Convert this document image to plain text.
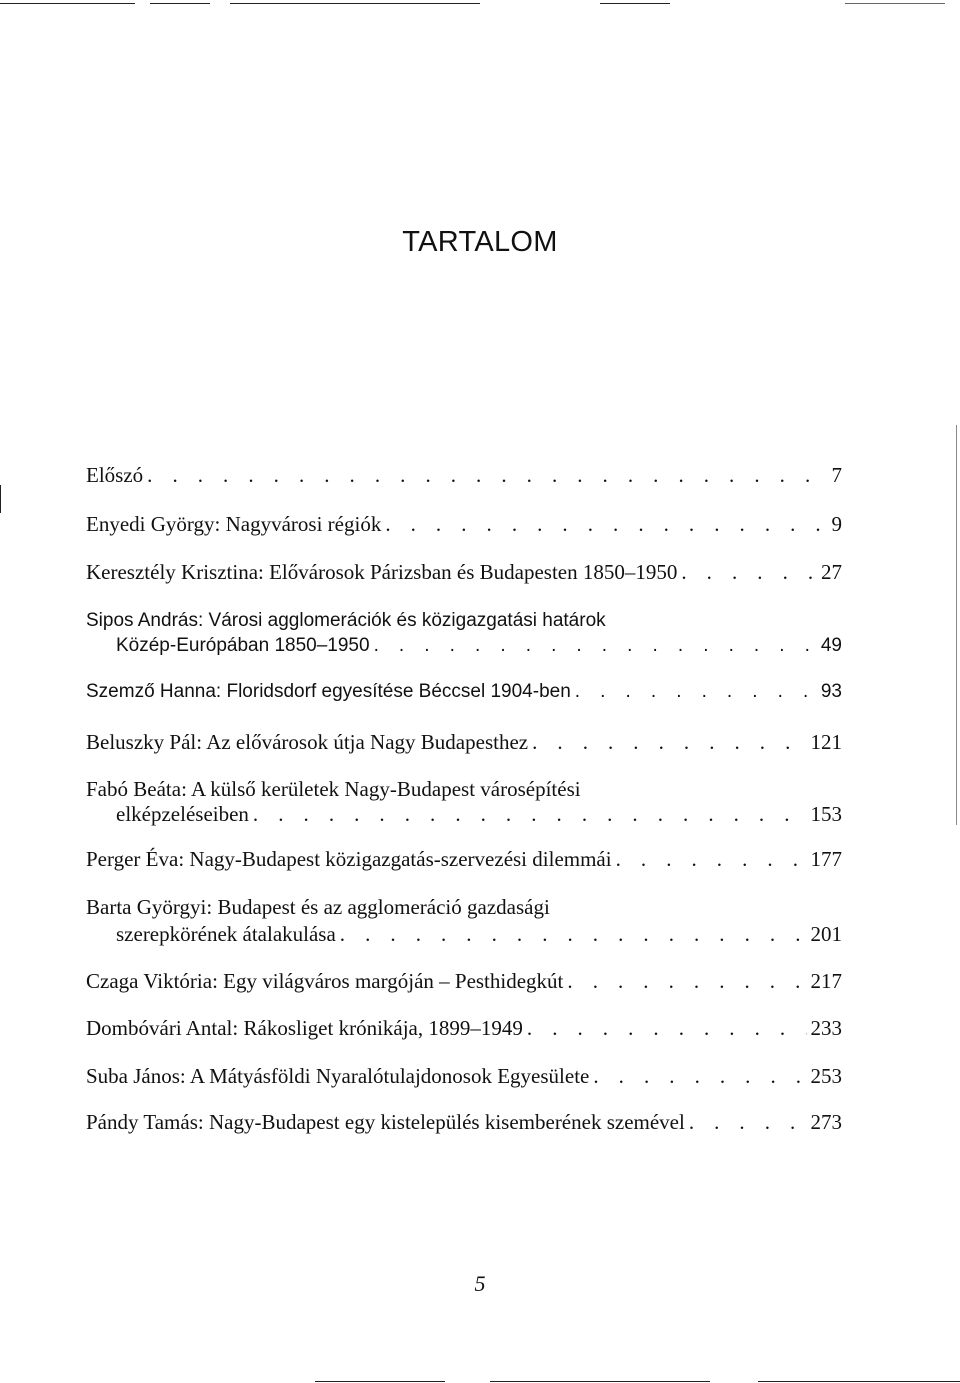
TARTALOM
Előszó . . .	7
Enyedi György: Nagyvárosi régiók . . .	9
Keresztély Krisztina: Elővárosok Párizsban és Budapesten 1850–1950 . . .	27
Sipos András: Városi agglomerációk és közigazgatási határok
Közép-Európában 1850–1950 . . .	49
Szemző Hanna: Floridsdorf egyesítése Béccsel 1904-ben . . .	93
Beluszky Pál: Az elővárosok útja Nagy Budapesthez . . .	121
Fabó Beáta: A külső kerületek Nagy-Budapest városépítési
elképzeléseiben . . .	153
Perger Éva: Nagy-Budapest közigazgatás-szervezési dilemmái . . .	177
Barta Györgyi: Budapest és az agglomeráció gazdasági
szerepkörének átalakulása . . .	201
Czaga Viktória: Egy világváros margóján – Pesthidegkút . . .	217
Dombóvári Antal: Rákosliget krónikája, 1899–1949 . . .	233
Suba János: A Mátyásföldi Nyaralótulajdonosok Egyesülete . . .	253
Pándy Tamás: Nagy-Budapest egy kistelepülés kisemberének szemével . . .	273
5
